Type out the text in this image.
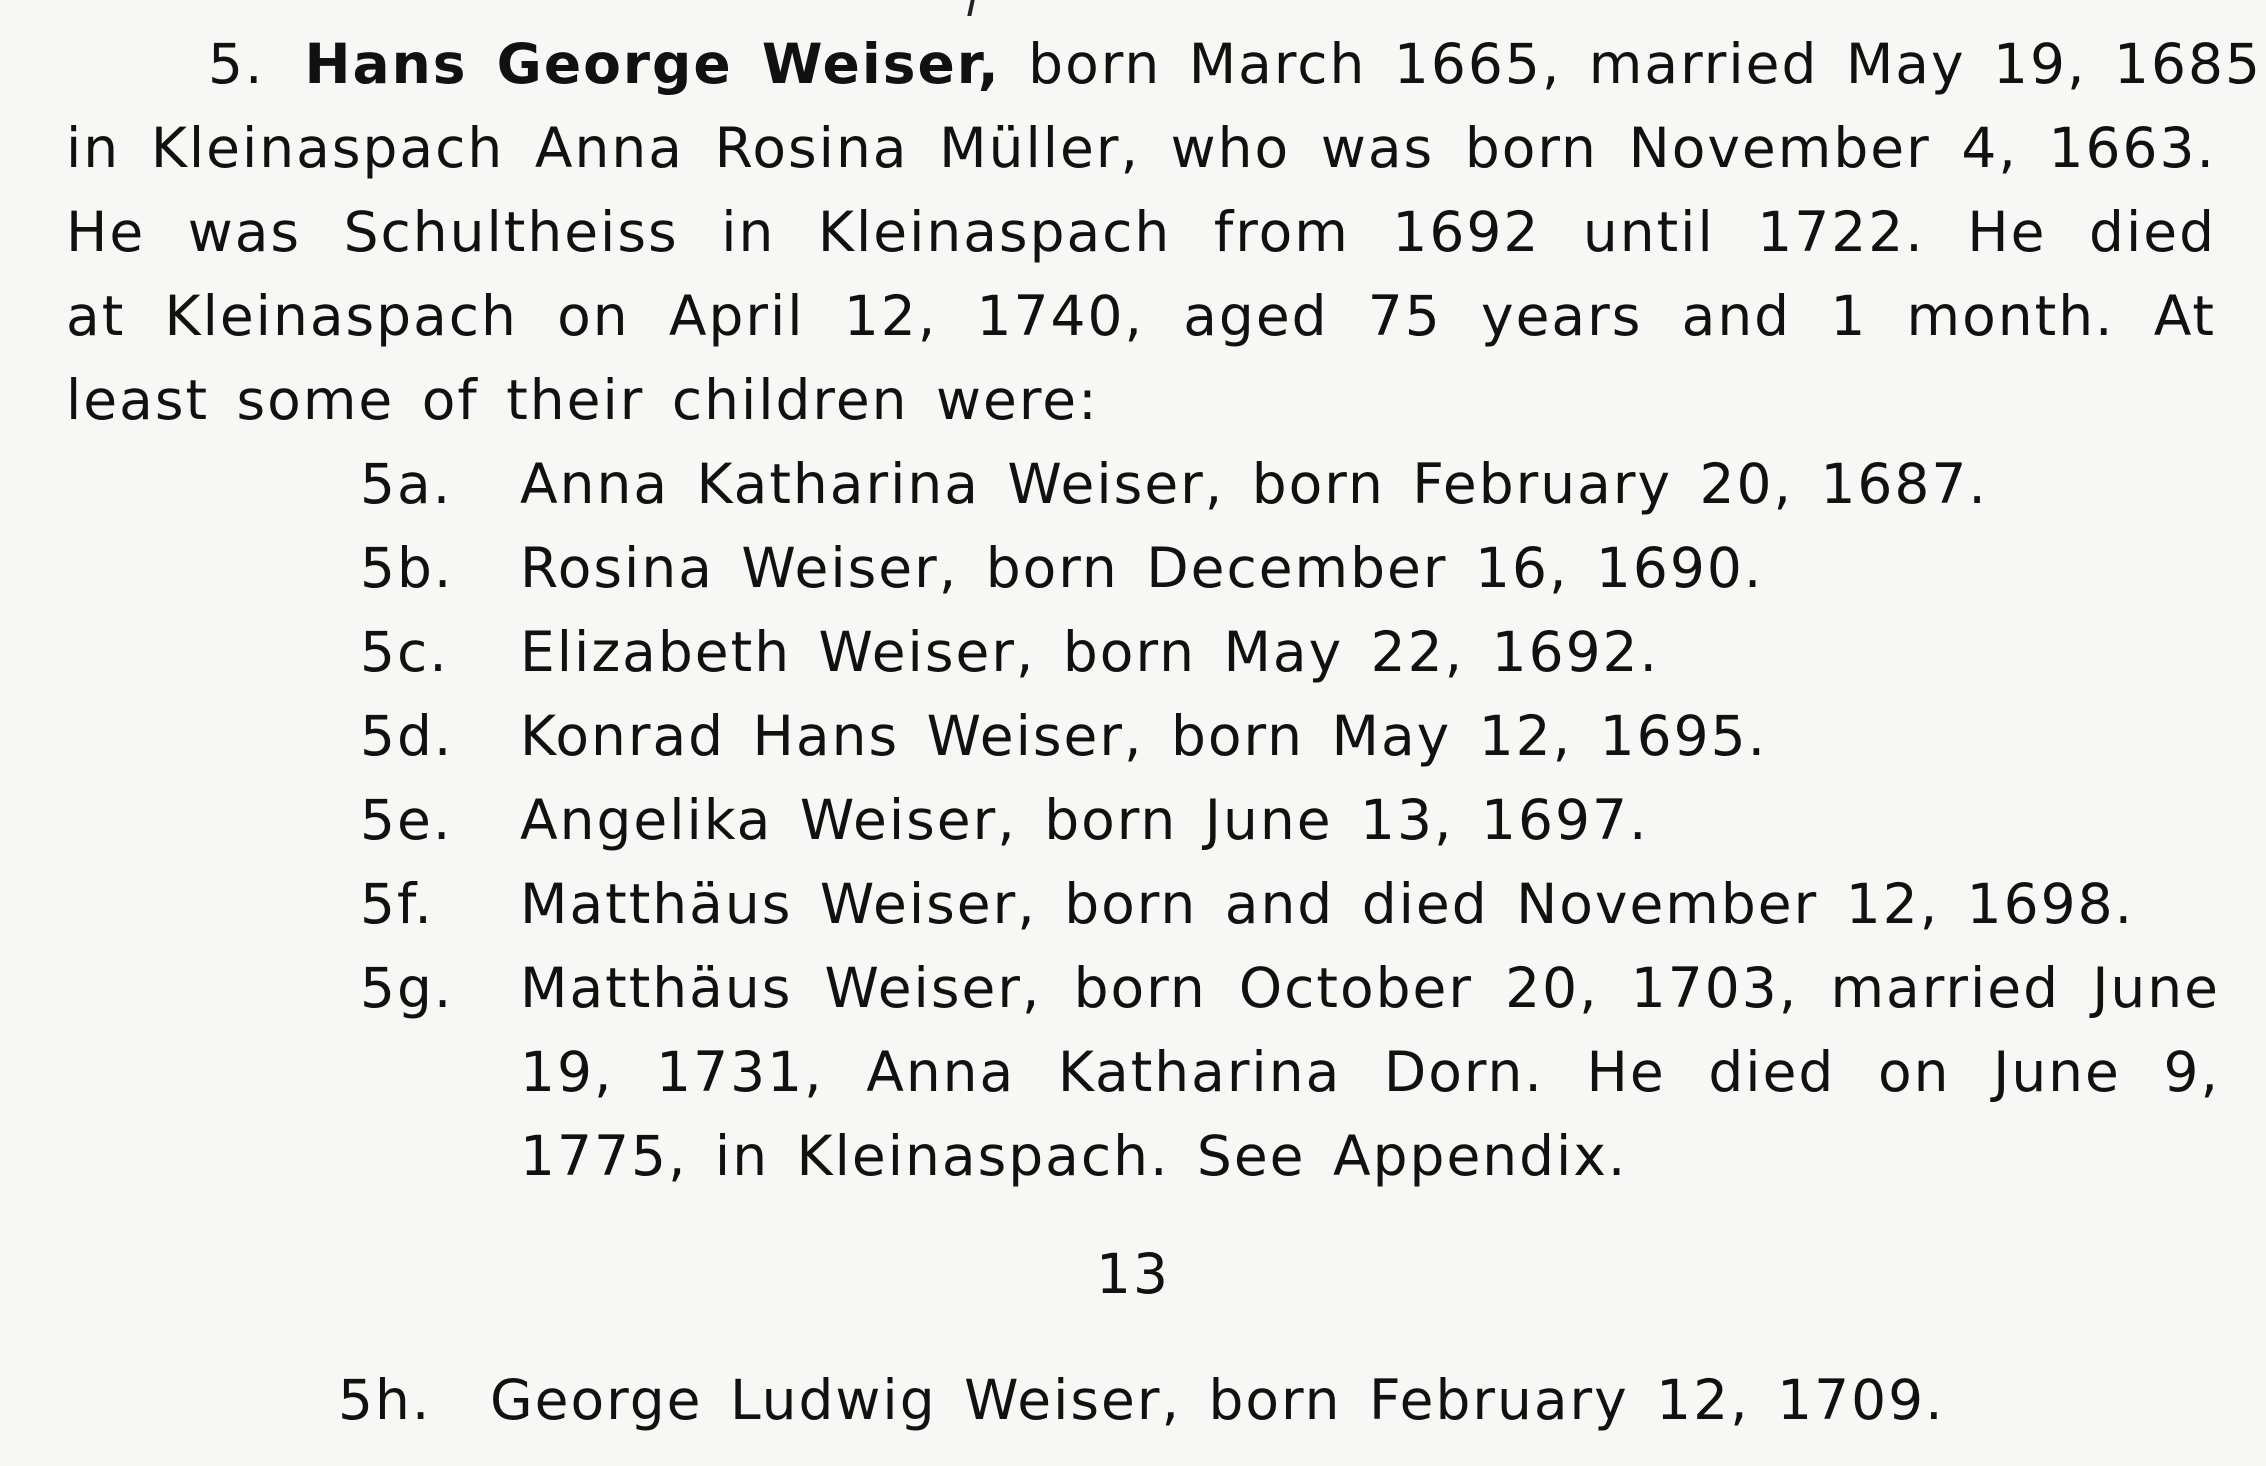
5. Hans George Weiser, born March 1665, married May 19, 1685
in Kleinaspach Anna Rosina Müller, who was born November 4, 1663.
He was Schultheiss in Kleinaspach from 1692 until 1722. He died
at Kleinaspach on April 12, 1740, aged 75 years and 1 month. At
least some of their children were:
5a.	Anna Katharina Weiser, born February 20, 1687.
5b.	Rosina Weiser, born December 16, 1690.
5c.	Elizabeth Weiser, born May 22, 1692.
5d.	Konrad Hans Weiser, born May 12, 1695.
5e.	Angelika Weiser, born June 13, 1697.
5f.	Matthäus Weiser, born and died November 12, 1698.
5g.	Matthäus Weiser, born October 20, 1703, married June
19, 1731, Anna Katharina Dorn. He died on June 9,
1775, in Kleinaspach. See Appendix.
13
5h. George Ludwig Weiser, born February 12, 1709.
